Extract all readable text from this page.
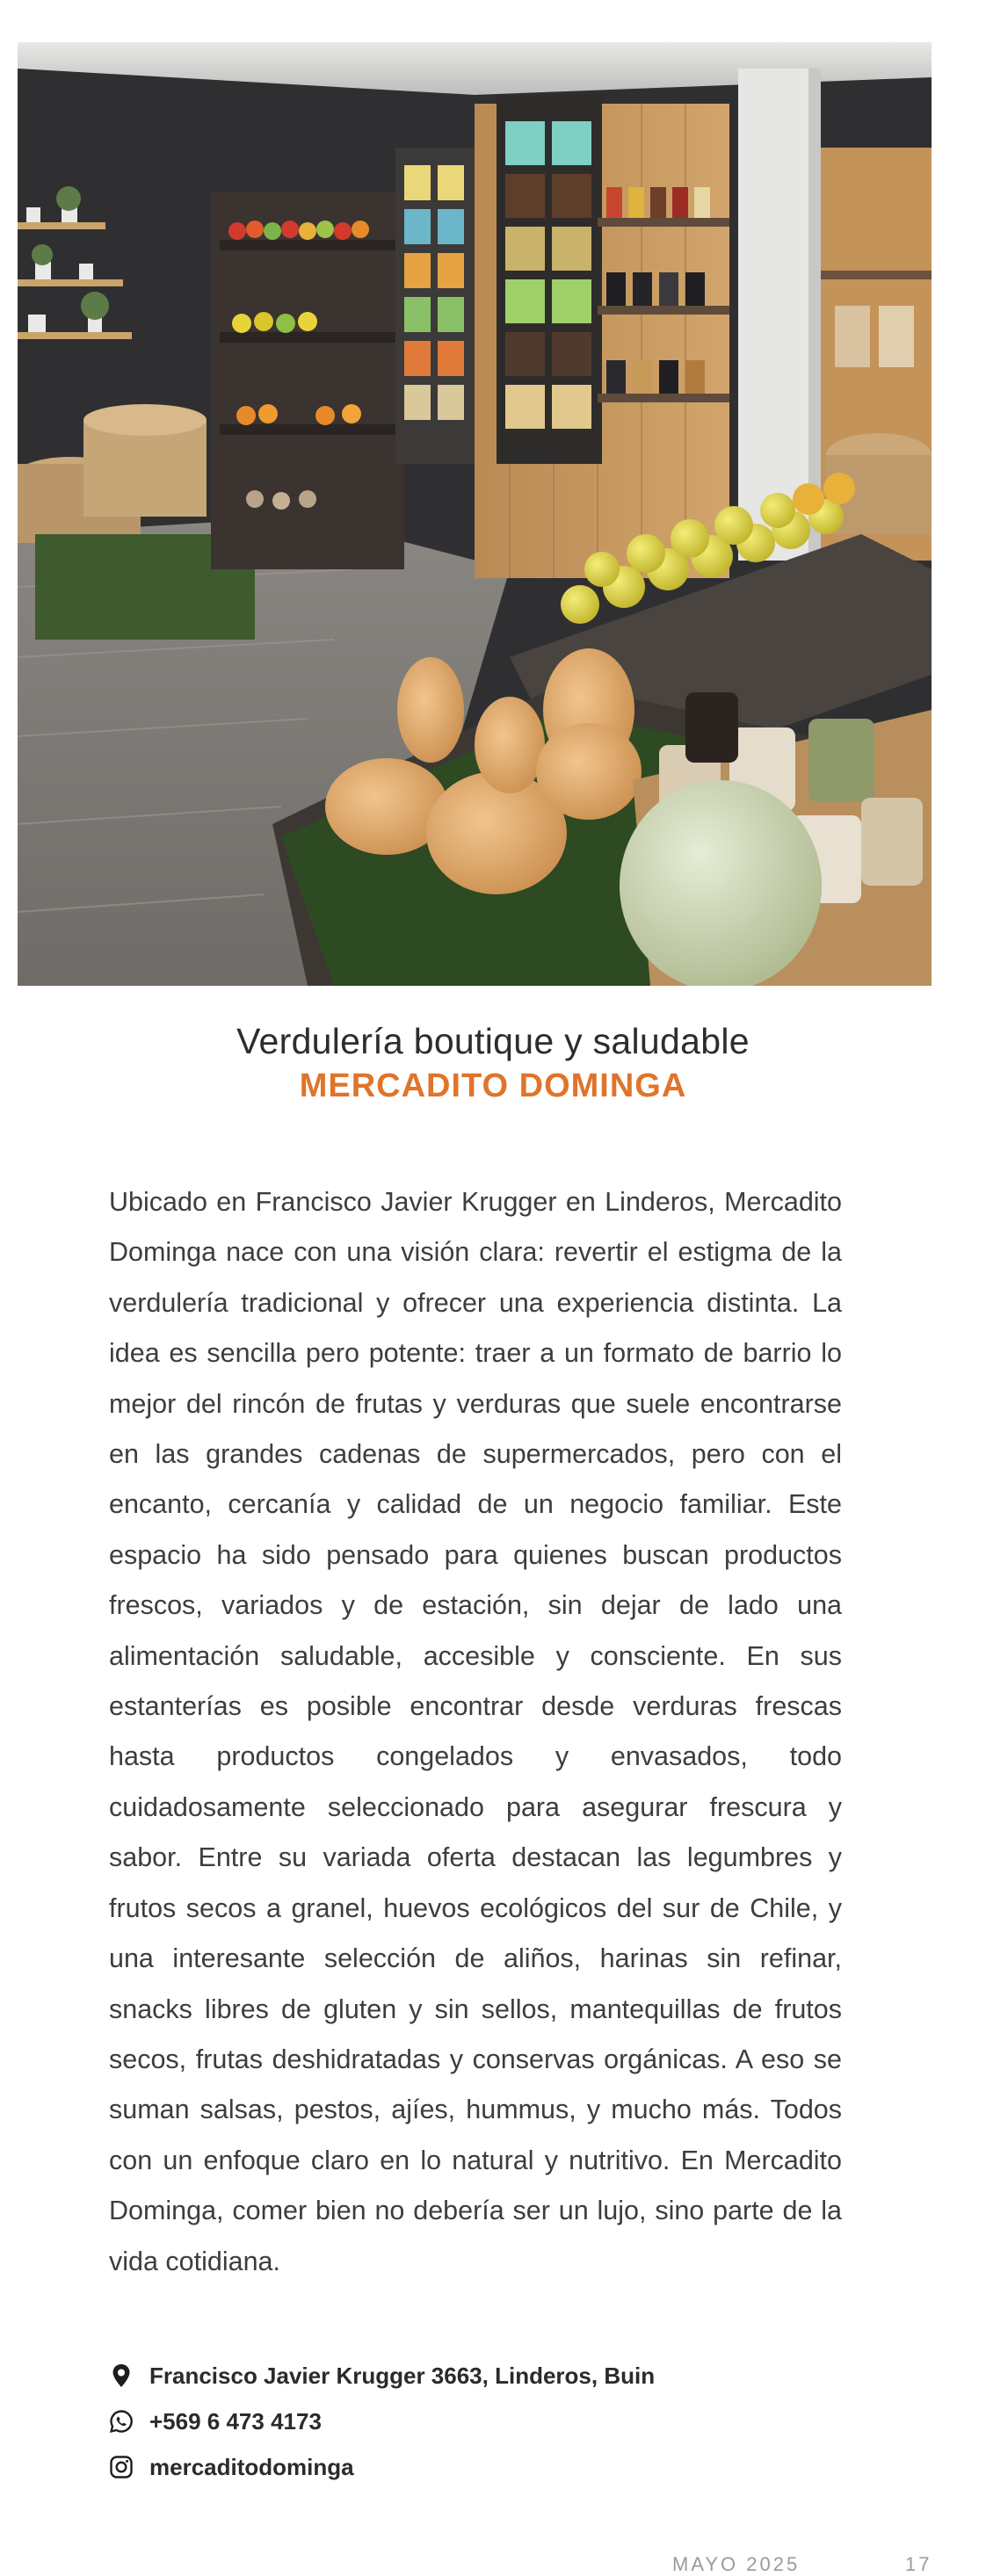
Verdulería boutique y saludable
MERCADITO DOMINGA
Ubicado en Francisco Javier Krugger en Linderos, Mercadito Dominga nace con una visión clara: revertir el estigma de la verdulería tradicional y ofrecer una experiencia distinta. La idea es sencilla pero potente: traer a un formato de barrio lo mejor del rincón de frutas y verduras que suele encontrarse en las grandes cadenas de supermercados, pero con el encanto, cercanía y calidad de un negocio familiar. Este espacio ha sido pensado para quienes buscan productos frescos, variados y de estación, sin dejar de lado una alimentación saludable, accesible y consciente. En sus estanterías es posible encontrar desde verduras frescas hasta productos congelados y envasados, todo cuidadosamente seleccionado para asegurar frescura y sabor. Entre su variada oferta destacan las legumbres y frutos secos a granel, huevos ecológicos del sur de Chile, y una interesante selección de aliños, harinas sin refinar, snacks libres de gluten y sin sellos, mantequillas de frutos secos, frutas deshidratadas y conservas orgánicas. A eso se suman salsas, pestos, ajíes, hummus, y mucho más. Todos con un enfoque claro en lo natural y nutritivo. En Mercadito Dominga, comer bien no debería ser un lujo, sino parte de la vida cotidiana.
Francisco Javier Krugger 3663, Linderos, Buin
+569 6 473 4173
mercaditodominga
MAYO 2025	17
